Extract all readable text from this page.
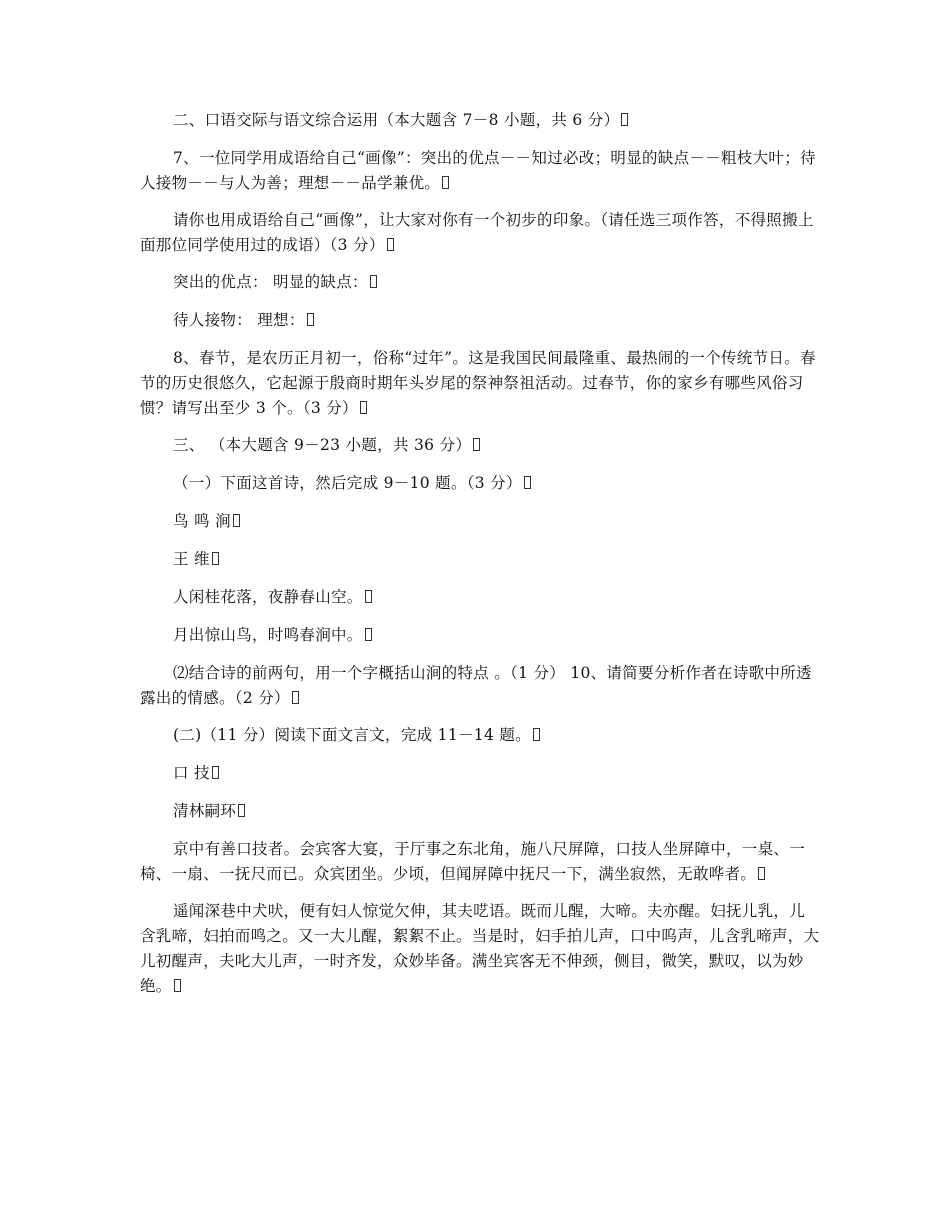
二、口语交际与语文综合运用（本大题含 7－8 小题，共 6 分）

7、一位同学用成语给自己“画像”：突出的优点－－知过必改；明显的缺点－－粗枝大叶；待人接物－－与人为善；理想－－品学兼优。

请你也用成语给自己“画像”，让大家对你有一个初步的印象。（请任选三项作答，不得照搬上面那位同学使用过的成语）（3 分）

突出的优点： 明显的缺点：

待人接物： 理想：

8、春节，是农历正月初一，俗称“过年”。这是我国民间最隆重、最热闹的一个传统节日。春节的历史很悠久，它起源于殷商时期年头岁尾的祭神祭祖活动。过春节，你的家乡有哪些风俗习惯？请写出至少 3 个。（3 分）

三、 （本大题含 9－23 小题，共 36 分）

（一）下面这首诗，然后完成 9－10 题。（3 分）

鸟 鸣 涧

王 维

人闲桂花落，夜静春山空。

月出惊山鸟，时鸣春涧中。

⑵结合诗的前两句，用一个字概括山涧的特点 。（1 分） 10、请简要分析作者在诗歌中所透露出的情感。（2 分）

(二)（11 分）阅读下面文言文，完成 11－14 题。

口 技

清林嗣环

京中有善口技者。会宾客大宴，于厅事之东北角，施八尺屏障，口技人坐屏障中，一桌、一椅、一扇、一抚尺而已。众宾团坐。少顷，但闻屏障中抚尺一下，满坐寂然，无敢哗者。

遥闻深巷中犬吠，便有妇人惊觉欠伸，其夫呓语。既而儿醒，大啼。夫亦醒。妇抚儿乳，儿含乳啼，妇拍而鸣之。又一大儿醒，絮絮不止。当是时，妇手拍儿声，口中呜声，儿含乳啼声，大儿初醒声，夫叱大儿声，一时齐发，众妙毕备。满坐宾客无不伸颈，侧目，微笑，默叹，以为妙绝。
